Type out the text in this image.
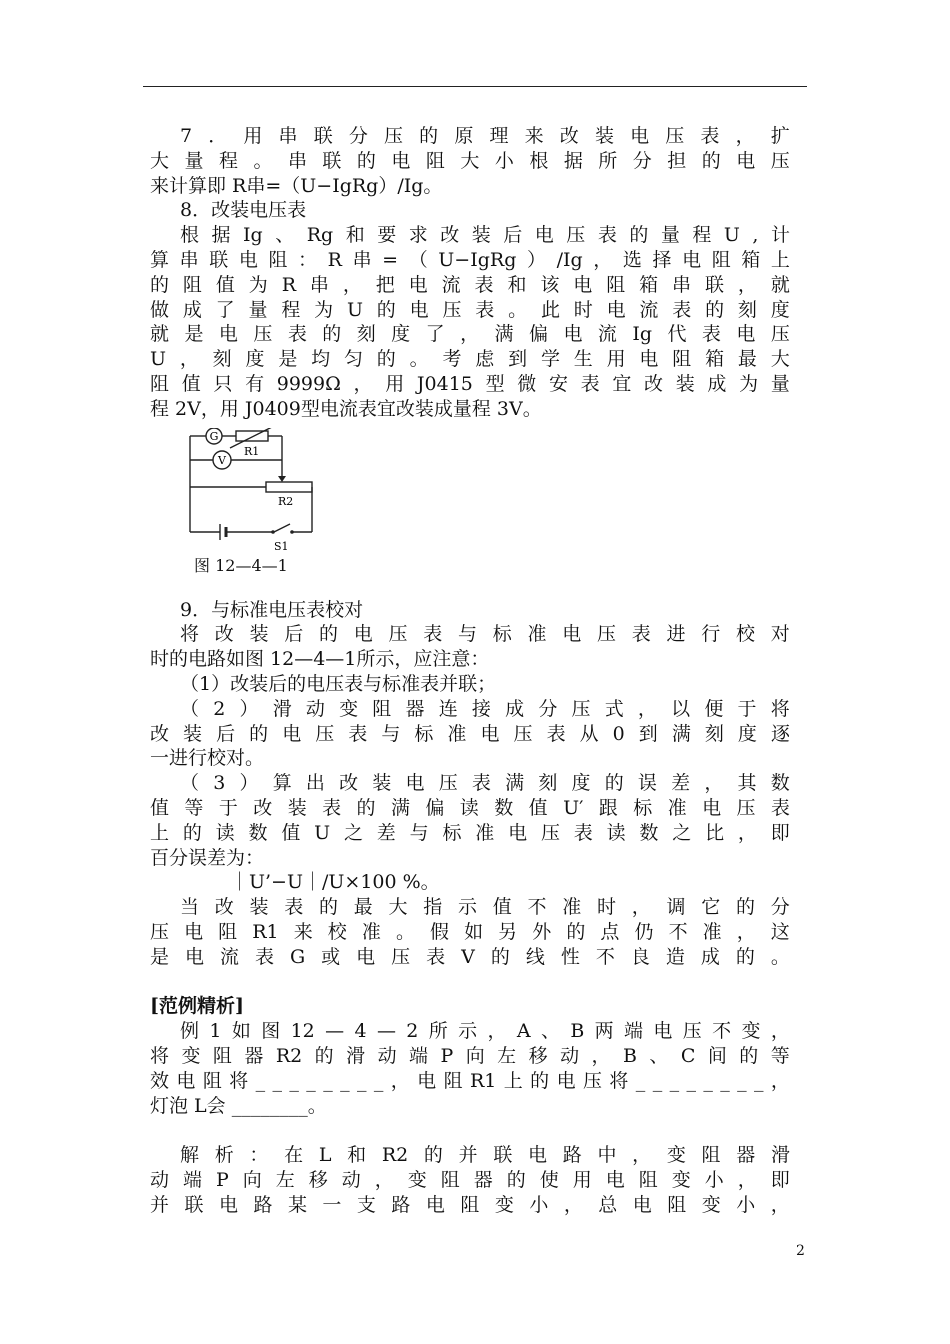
7 ． 用 串 联 分 压 的 原 理 来 改 装 电 压 表 ， 扩
大 量 程 。 串 联 的 电 阻 大 小 根 据 所 分 担 的 电 压
来计算即 R串=（U−IgRg）/Ig。
8．改装电压表
根 据 Ig 、 Rg 和 要 求 改 装 后 电 压 表 的 量 程 U , 计
算 串 联 电 阻 ： R 串 = （ U−IgRg ） /Ig ， 选 择 电 阻 箱 上
的 阻 值 为 R 串 ， 把 电 流 表 和 该 电 阻 箱 串 联 ， 就
做 成 了 量 程 为 U 的 电 压 表 。 此 时 电 流 表 的 刻 度
就 是 电 压 表 的 刻 度 了 ， 满 偏 电 流 Ig 代 表 电 压
U ， 刻 度 是 均 匀 的 。 考 虑 到 学 生 用 电 阻 箱 最 大
阻 值 只 有 9999Ω ， 用 J0415 型 微 安 表 宜 改 装 成 为 量
程 2V，用 J0409型电流表宜改装成量程 3V。
G
V
R1
R2
S1
图 12—4—1
9．与标准电压表校对
将 改 装 后 的 电 压 表 与 标 准 电 压 表 进 行 校 对
时的电路如图 12—4—1所示，应注意：
（1）改装后的电压表与标准表并联；
（ 2 ） 滑 动 变 阻 器 连 接 成 分 压 式 ， 以 便 于 将
改 装 后 的 电 压 表 与 标 准 电 压 表 从 0 到 满 刻 度 逐
一进行校对。
（ 3 ） 算 出 改 装 电 压 表 满 刻 度 的 误 差 ， 其 数
值 等 于 改 装 表 的 满 偏 读 数 值 U′ 跟 标 准 电 压 表
上 的 读 数 值 U 之 差 与 标 准 电 压 表 读 数 之 比 ， 即
百分误差为：
｜U’−U｜/U×100 %。
当 改 装 表 的 最 大 指 示 值 不 准 时 ， 调 它 的 分
压 电 阻 R1 来 校 准 。 假 如 另 外 的 点 仍 不 准 ， 这
是 电 流 表 G 或 电 压 表 V 的 线 性 不 良 造 成 的 。
[范例精析]
例 1 如 图 12 — 4 — 2 所 示 ， A 、 B 两 端 电 压 不 变 ，
将 变 阻 器 R2 的 滑 动 端 P 向 左 移 动 ， B 、 C 间 的 等
效 电 阻 将 _ _ _ _ _ _ _ _ ， 电 阻 R1 上 的 电 压 将 _ _ _ _ _ _ _ _ ，
灯泡 L会 ________。
解 析 ： 在 L 和 R2 的 并 联 电 路 中 ， 变 阻 器 滑
动 端 P 向 左 移 动 ， 变 阻 器 的 使 用 电 阻 变 小 ， 即
并 联 电 路 某 一 支 路 电 阻 变 小 ， 总 电 阻 变 小 ，
2
